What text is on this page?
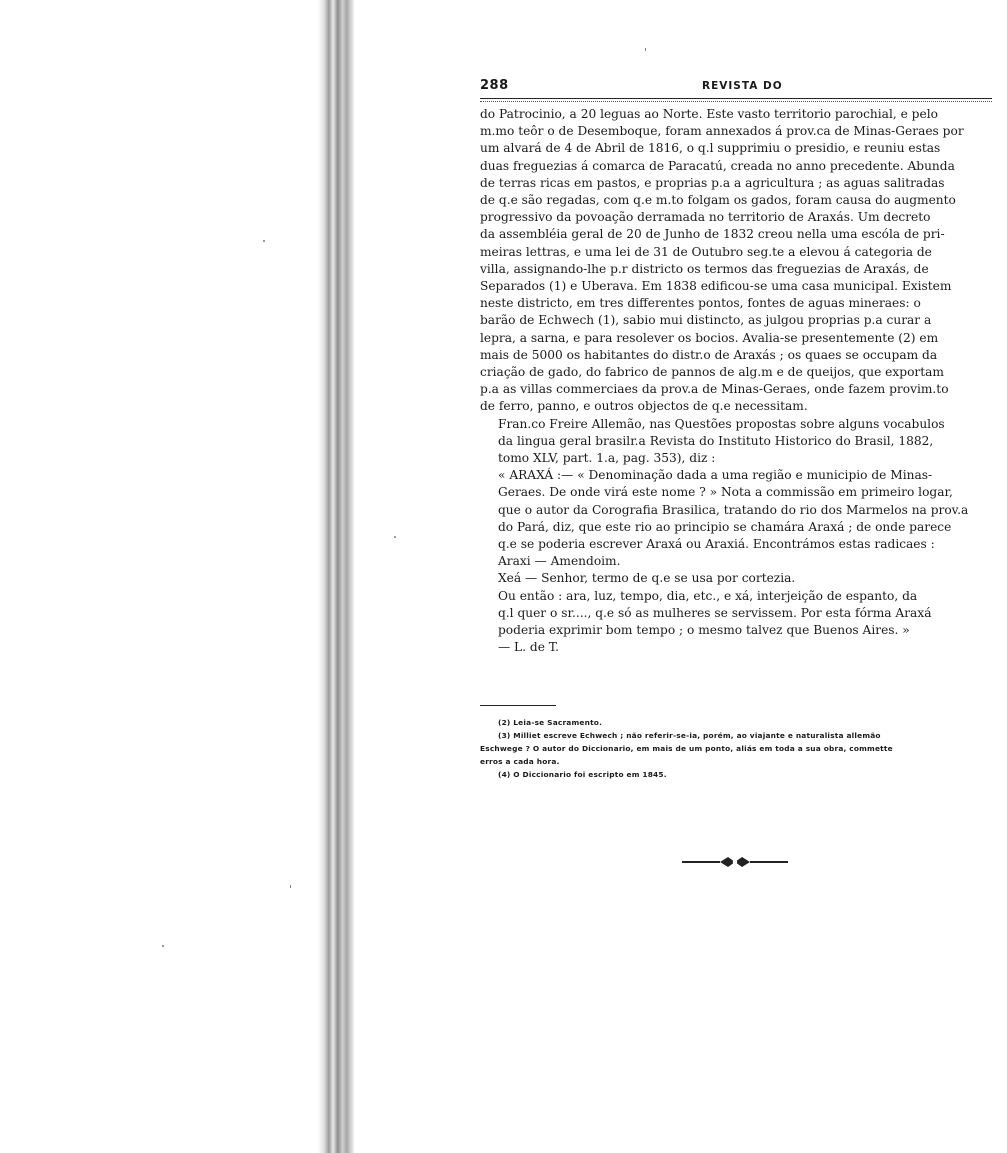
288	REVISTA DO

do Patrocinio, a 20 leguas ao Norte. Este vasto territorio parochial, e pelo
m.mo teôr o de Desemboque, foram annexados á prov.ca de Minas-Geraes por
um alvará de 4 de Abril de 1816, o q.l supprimiu o presidio, e reuniu estas
duas freguezias á comarca de Paracatú, creada no anno precedente. Abunda
de terras ricas em pastos, e proprias p.a a agricultura ; as aguas salitradas
de q.e são regadas, com q.e m.to folgam os gados, foram causa do augmento
progressivo da povoação derramada no territorio de Araxás. Um decreto
da assembléia geral de 20 de Junho de 1832 creou nella uma escóla de pri-
meiras lettras, e uma lei de 31 de Outubro seg.te a elevou á categoria de
villa, assignando-lhe p.r districto os termos das freguezias de Araxás, de
Separados (1) e Uberava. Em 1838 edificou-se uma casa municipal. Existem
neste districto, em tres differentes pontos, fontes de aguas mineraes: o
barão de Echwech (1), sabio mui distincto, as julgou proprias p.a curar a
lepra, a sarna, e para resolever os bocios. Avalia-se presentemente (2) em
mais de 5000 os habitantes do distr.o de Araxás ; os quaes se occupam da
criação de gado, do fabrico de pannos de alg.m e de queijos, que exportam
p.a as villas commerciaes da prov.a de Minas-Geraes, onde fazem provim.to
de ferro, panno, e outros objectos de q.e necessitam.

Fran.co Freire Allemão, nas Questões propostas sobre alguns vocabulos
da lingua geral brasilr.a Revista do Instituto Historico do Brasil, 1882,
tomo XLV, part. 1.a, pag. 353), diz :

« ARAXÁ :— « Denominação dada a uma região e municipio de Minas-
Geraes. De onde virá este nome ? » Nota a commissão em primeiro logar,
que o autor da Corografia Brasilica, tratando do rio dos Marmelos na prov.a
do Pará, diz, que este rio ao principio se chamára Araxá ; de onde parece
q.e se poderia escrever Araxá ou Araxiá. Encontrámos estas radicaes :

Araxi — Amendoim.

Xeá — Senhor, termo de q.e se usa por cortezia.

Ou então : ara, luz, tempo, dia, etc., e xá, interjeição de espanto, da
q.l quer o sr...., q.e só as mulheres se servissem. Por esta fórma Araxá
poderia exprimir bom tempo ; o mesmo talvez que Buenos Aires. »
— L. de T.

(2) Leia-se Sacramento.

(3) Milliet escreve Echwech ; não referir-se-ia, porém, ao viajante e naturalista allemão

Eschwege ? O autor do Diccionario, em mais de um ponto, aliás em toda a sua obra, commette

erros a cada hora.

(4) O Diccionario foi escripto em 1845.
